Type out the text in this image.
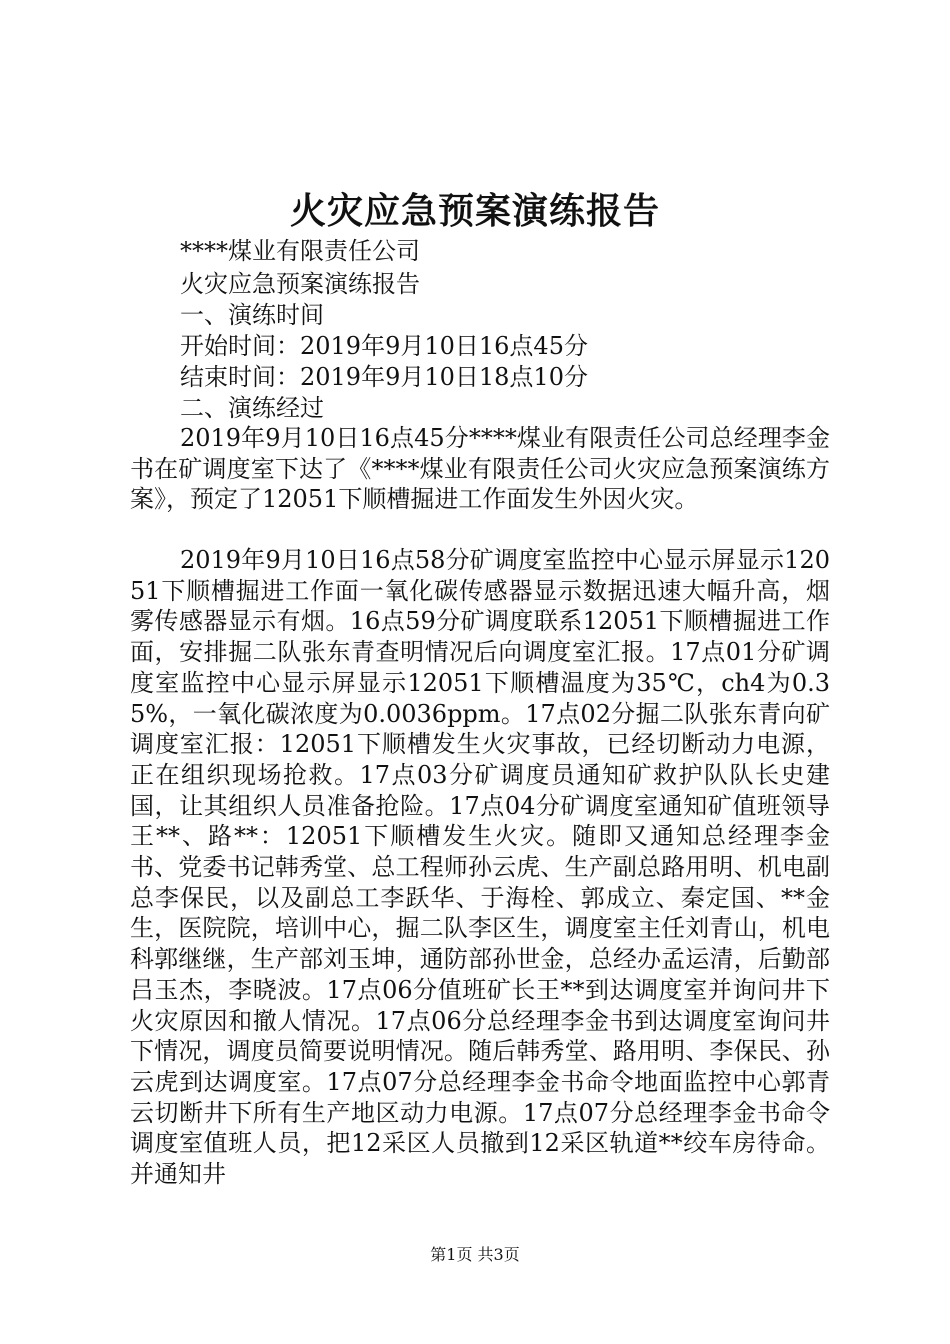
火灾应急预案演练报告
****煤业有限责任公司
火灾应急预案演练报告
一、演练时间
开始时间：2019年9月10日16点45分
结束时间：2019年9月10日18点10分
二、演练经过

2019年9月10日16点45分****煤业有限责任公司总经理李金书在矿调度室下达了《****煤业有限责任公司火灾应急预案演练方案》，预定了12051下顺槽掘进工作面发生外因火灾。

2019年9月10日16点58分矿调度室监控中心显示屏显示12051下顺槽掘进工作面一氧化碳传感器显示数据迅速大幅升高，烟雾传感器显示有烟。16点59分矿调度联系12051下顺槽掘进工作面，安排掘二队张东青查明情况后向调度室汇报。17点01分矿调度室监控中心显示屏显示12051下顺槽温度为35℃，ch4为0.35%，一氧化碳浓度为0.0036ppm。17点02分掘二队张东青向矿调度室汇报：12051下顺槽发生火灾事故，已经切断动力电源，正在组织现场抢救。17点03分矿调度员通知矿救护队队长史建国，让其组织人员准备抢险。17点04分矿调度室通知矿值班领导王**、路**：12051下顺槽发生火灾。随即又通知总经理李金书、党委书记韩秀堂、总工程师孙云虎、生产副总路用明、机电副总李保民，以及副总工李跃华、于海栓、郭成立、秦定国、**金生，医院院，培训中心，掘二队李区生，调度室主任刘青山，机电科郭继继，生产部刘玉坤，通防部孙世金，总经办孟运清，后勤部吕玉杰，李晓波。17点06分值班矿长王**到达调度室并询问井下火灾原因和撤人情况。17点06分总经理李金书到达调度室询问井下情况，调度员简要说明情况。随后韩秀堂、路用明、李保民、孙云虎到达调度室。17点07分总经理李金书命令地面监控中心郭青云切断井下所有生产地区动力电源。17点07分总经理李金书命令调度室值班人员，把12采区人员撤到12采区轨道**绞车房待命。并通知井

第1页 共3页
